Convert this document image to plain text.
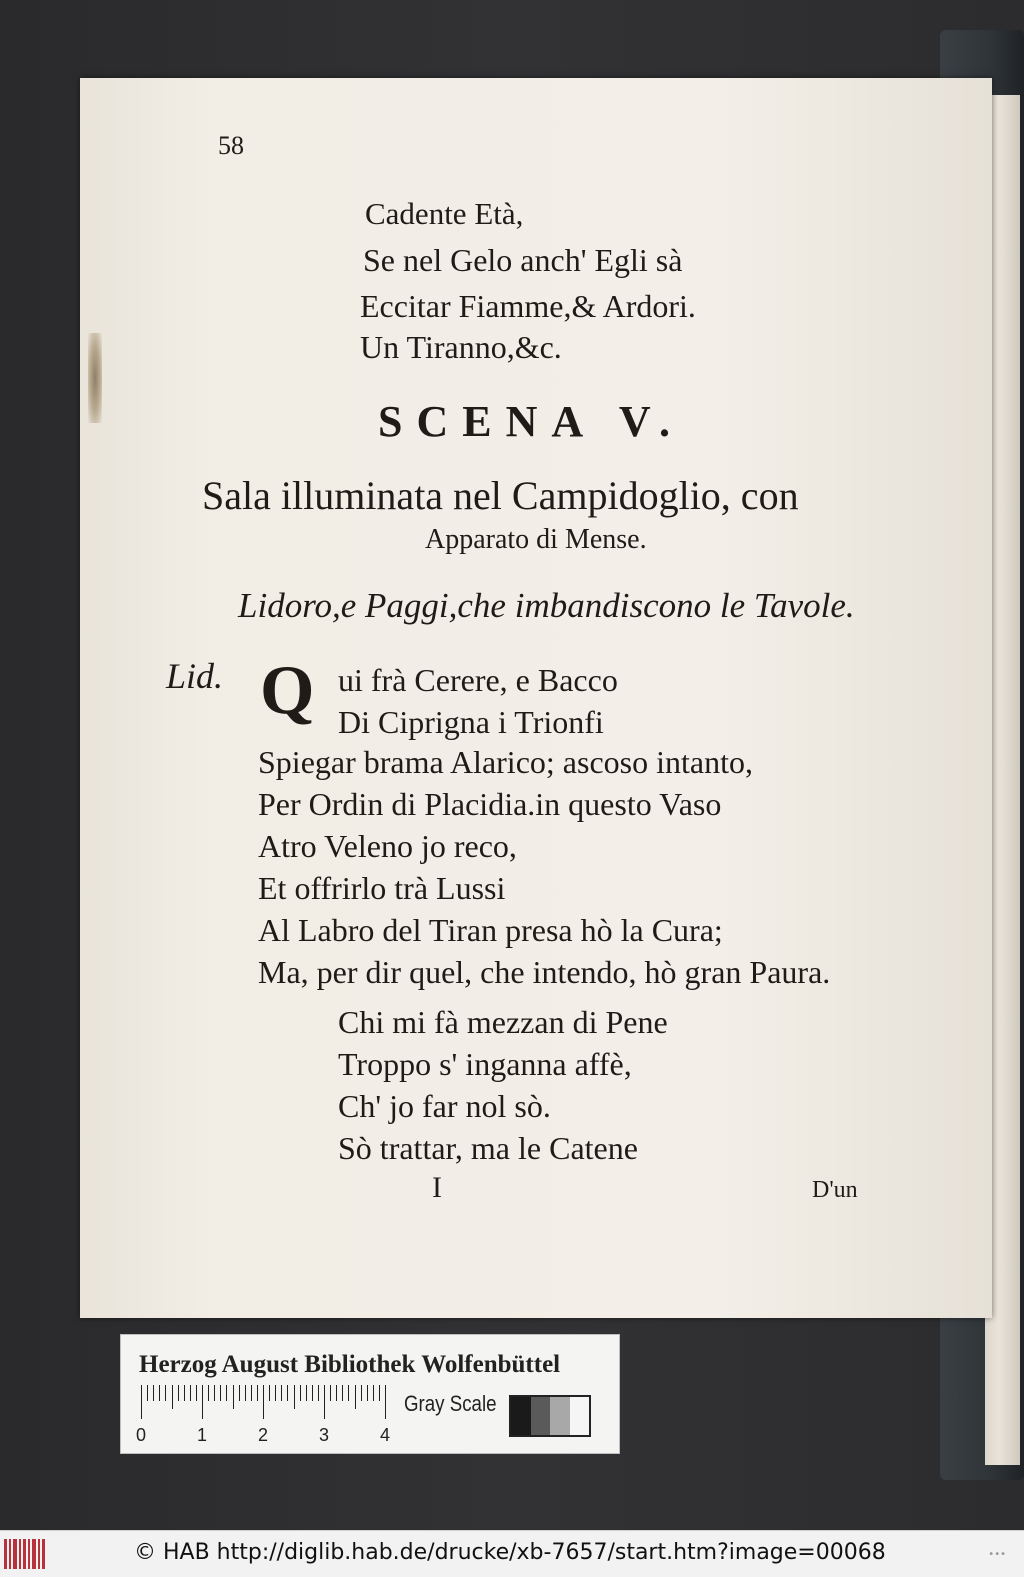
58
Cadente Età,
Se nel Gelo anch' Egli sà
Eccitar Fiamme,& Ardori.
Un Tiranno,&c.
SCENA V.
Sala illuminata nel Campidoglio, con
Apparato di Mense.
Lidoro,e Paggi,che imbandiscono le Tavole.
Lid. Q ui frà Cerere, e Bacco
Di Ciprigna i Trionfi
Spiegar brama Alarico; ascoso intanto,
Per Ordin di Placidia.in questo Vaso
Atro Veleno jo reco,
Et offrirlo trà Lussi
Al Labro del Tiran presa hò la Cura;
Ma, per dir quel, che intendo, hò gran Paura.
Chi mi fà mezzan di Pene
Troppo s' inganna affè,
Ch' jo far nol sò.
Sò trattar, ma le Catene
I	D'un
Herzog August Bibliothek Wolfenbüttel
0	1	2	3	4
Gray Scale
© HAB http://diglib.hab.de/drucke/xb-7657/start.htm?image=00068	•••
